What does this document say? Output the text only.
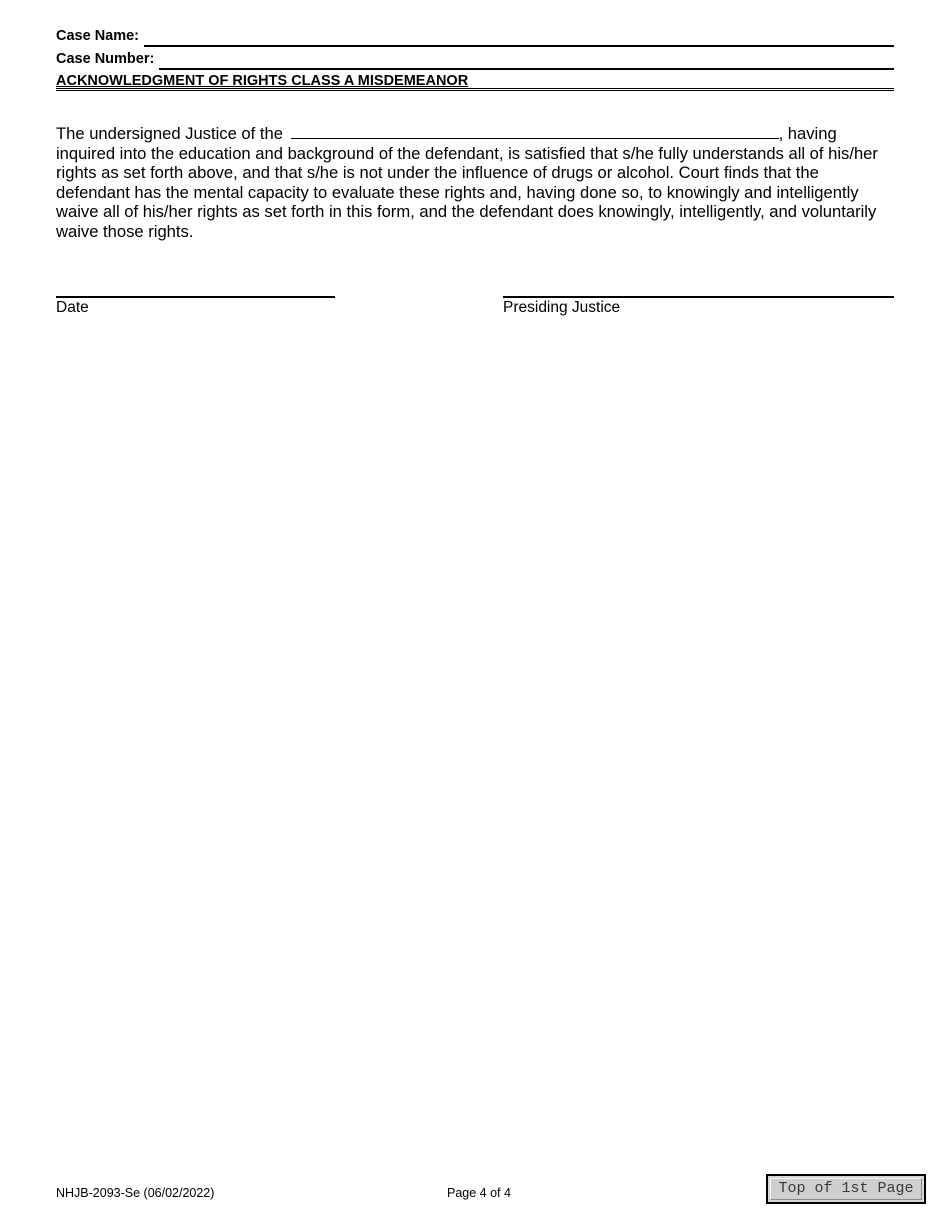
Case Name:
Case Number:
ACKNOWLEDGMENT OF RIGHTS CLASS A MISDEMEANOR
The undersigned Justice of the	, having inquired into the education and background of the defendant, is satisfied that s/he fully understands all of his/her rights as set forth above, and that s/he is not under the influence of drugs or alcohol. Court finds that the defendant has the mental capacity to evaluate these rights and, having done so, to knowingly and intelligently waive all of his/her rights as set forth in this form, and the defendant does knowingly, intelligently, and voluntarily waive those rights.
Date	Presiding Justice
NHJB-2093-Se (06/02/2022)	Page 4 of 4	Top of 1st Page
